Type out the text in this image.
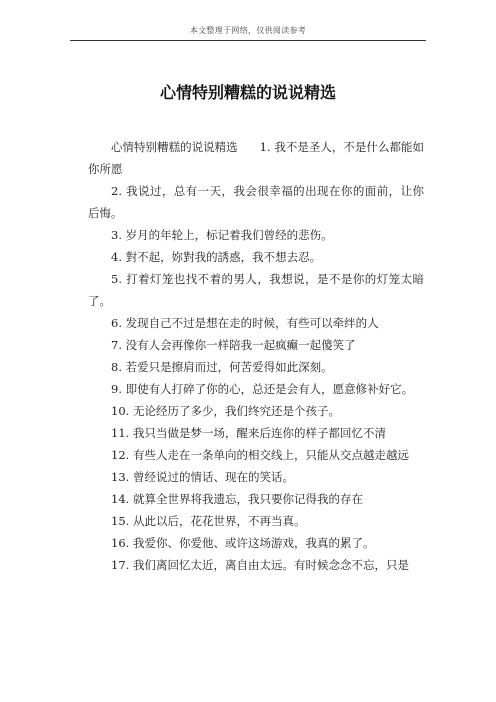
本文整理于网络，仅供阅读参考
心情特别糟糕的说说精选

心情特别糟糕的说说精选 1. 我不是圣人，不是什么都能如你所愿

2. 我说过，总有一天，我会很幸福的出现在你的面前，让你后悔。

3. 岁月的年轮上，标记着我们曾经的悲伤。

4. 對不起，妳對我的誘惑，我不想去忍。

5. 打着灯笼也找不着的男人，我想说，是不是你的灯笼太暗了。

6. 发现自己不过是想在走的时候，有些可以牵绊的人

7. 没有人会再像你一样陪我一起疯癫一起傻笑了

8. 若爱只是擦肩而过，何苦爱得如此深刻。

9. 即使有人打碎了你的心，总还是会有人，愿意修补好它。

10. 无论经历了多少，我们终究还是个孩子。

11. 我只当做是梦一场，醒来后连你的样子都回忆不清

12. 有些人走在一条单向的相交线上，只能从交点越走越远

13. 曾经说过的情话、现在的笑话。

14. 就算全世界将我遗忘，我只要你记得我的存在

15. 从此以后，花花世界，不再当真。

16. 我爱你、你爱他、或许这场游戏，我真的累了。

17. 我们离回忆太近，离自由太远。有时候念念不忘，只是
